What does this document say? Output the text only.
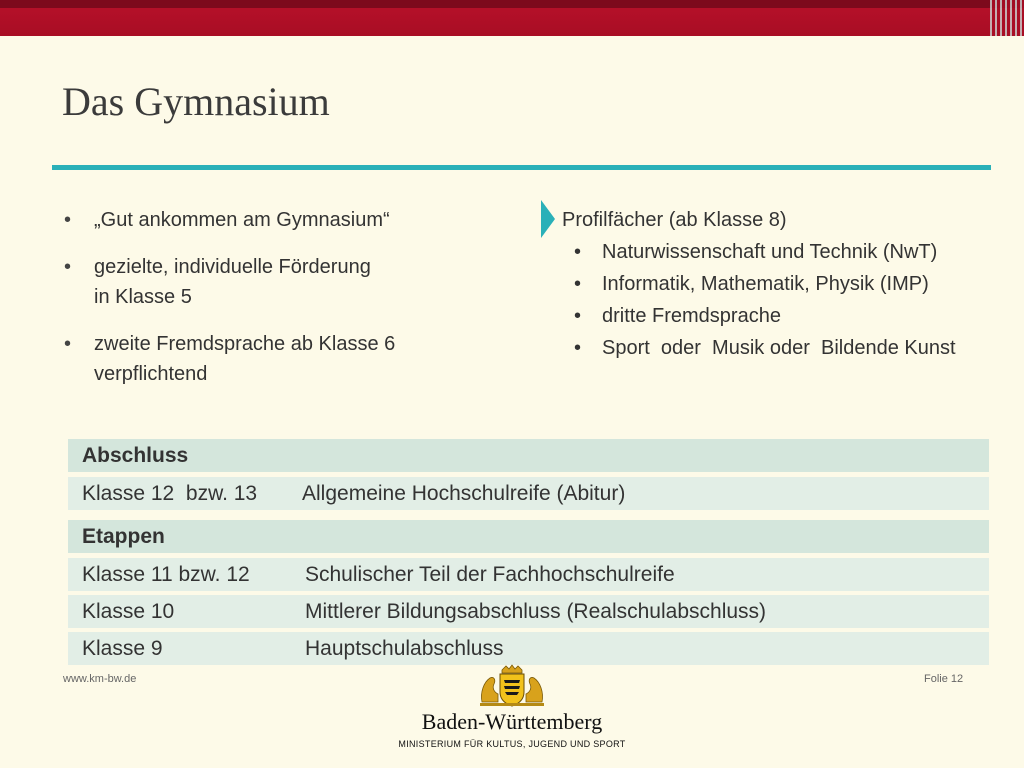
Das Gymnasium
• „Gut ankommen am Gymnasium“
• gezielte, individuelle Förderung
in Klasse 5
• zweite Fremdsprache ab Klasse 6
verpflichtend
Profilfächer (ab Klasse 8)
• Naturwissenschaft und Technik (NwT)
• Informatik, Mathematik, Physik (IMP)
• dritte Fremdsprache
• Sport  oder  Musik oder  Bildende Kunst
Abschluss
Klasse 12  bzw. 13 Allgemeine Hochschulreife (Abitur)
Etappen
Klasse 11 bzw. 12	Schulischer Teil der Fachhochschulreife
Klasse 10	Mittlerer Bildungsabschluss (Realschulabschluss)
Klasse 9	Hauptschulabschluss
www.km-bw.de	Folie 12
Baden-Württemberg
MINISTERIUM FÜR KULTUS, JUGEND UND SPORT
